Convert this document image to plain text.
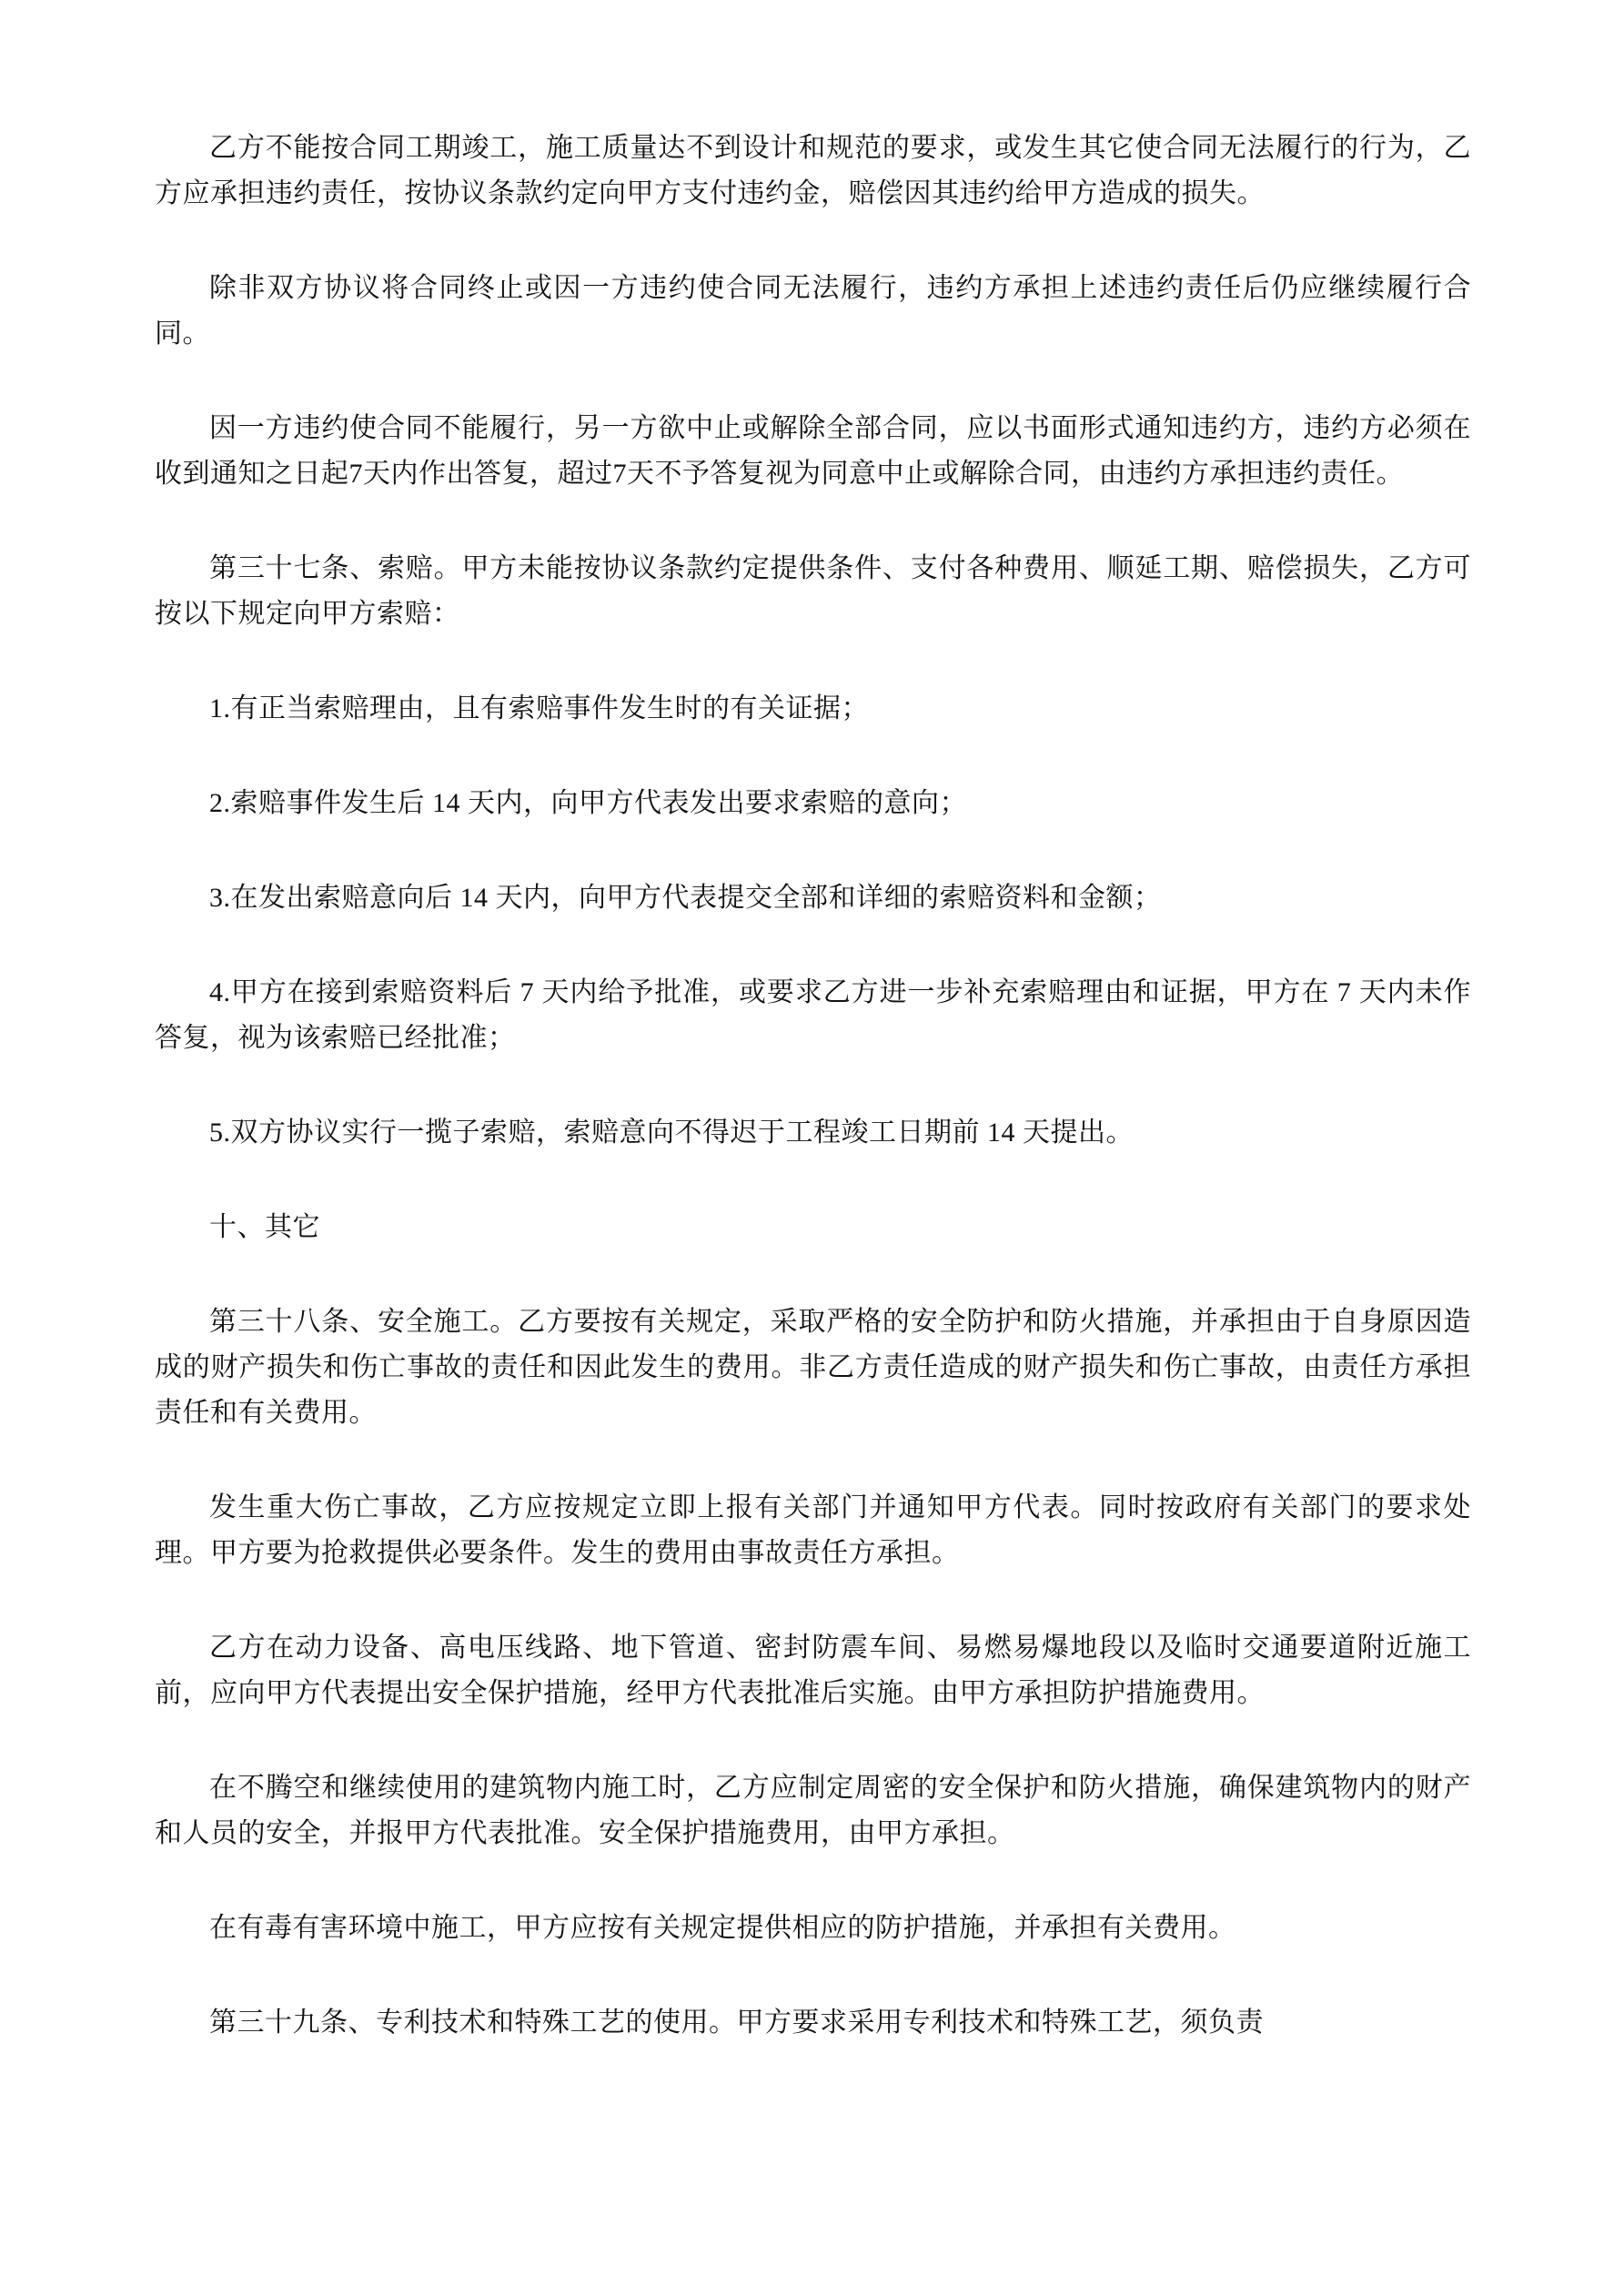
乙方不能按合同工期竣工，施工质量达不到设计和规范的要求，或发生其它使合同无法履行的行为，乙方应承担违约责任，按协议条款约定向甲方支付违约金，赔偿因其违约给甲方造成的损失。

除非双方协议将合同终止或因一方违约使合同无法履行，违约方承担上述违约责任后仍应继续履行合同。

因一方违约使合同不能履行，另一方欲中止或解除全部合同，应以书面形式通知违约方，违约方必须在收到通知之日起7天内作出答复，超过7天不予答复视为同意中止或解除合同，由违约方承担违约责任。

第三十七条、索赔。甲方未能按协议条款约定提供条件、支付各种费用、顺延工期、赔偿损失，乙方可按以下规定向甲方索赔：

1.有正当索赔理由，且有索赔事件发生时的有关证据；

2.索赔事件发生后 14 天内，向甲方代表发出要求索赔的意向；

3.在发出索赔意向后 14 天内，向甲方代表提交全部和详细的索赔资料和金额；

4.甲方在接到索赔资料后 7 天内给予批准，或要求乙方进一步补充索赔理由和证据，甲方在 7 天内未作答复，视为该索赔已经批准；

5.双方协议实行一揽子索赔，索赔意向不得迟于工程竣工日期前 14 天提出。

十、其它

第三十八条、安全施工。乙方要按有关规定，采取严格的安全防护和防火措施，并承担由于自身原因造成的财产损失和伤亡事故的责任和因此发生的费用。非乙方责任造成的财产损失和伤亡事故，由责任方承担责任和有关费用。

发生重大伤亡事故，乙方应按规定立即上报有关部门并通知甲方代表。同时按政府有关部门的要求处理。甲方要为抢救提供必要条件。发生的费用由事故责任方承担。

乙方在动力设备、高电压线路、地下管道、密封防震车间、易燃易爆地段以及临时交通要道附近施工前，应向甲方代表提出安全保护措施，经甲方代表批准后实施。由甲方承担防护措施费用。

在不腾空和继续使用的建筑物内施工时，乙方应制定周密的安全保护和防火措施，确保建筑物内的财产和人员的安全，并报甲方代表批准。安全保护措施费用，由甲方承担。

在有毒有害环境中施工，甲方应按有关规定提供相应的防护措施，并承担有关费用。

第三十九条、专利技术和特殊工艺的使用。甲方要求采用专利技术和特殊工艺，须负责
